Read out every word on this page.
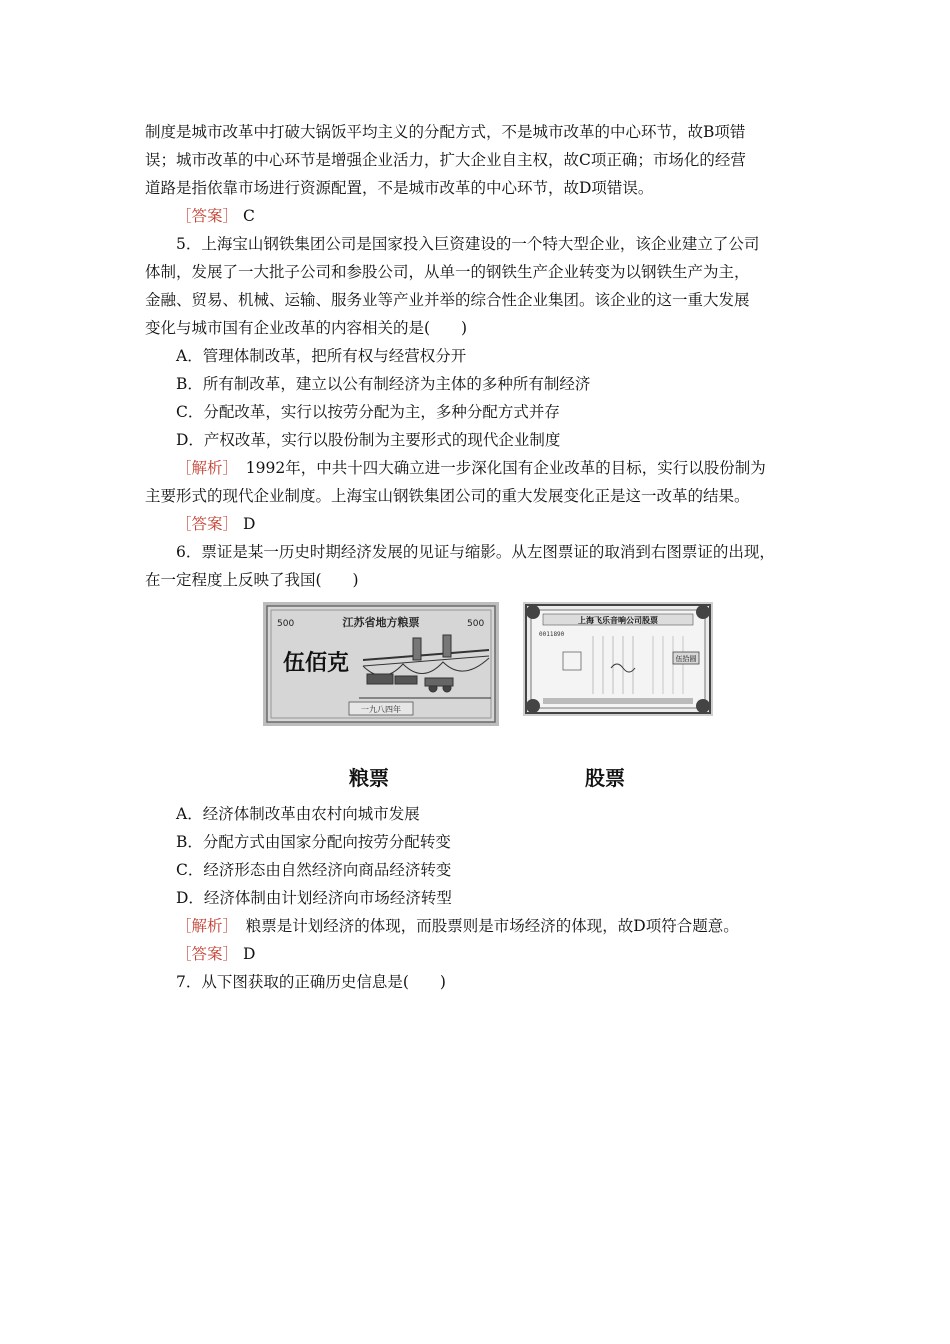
制度是城市改革中打破大锅饭平均主义的分配方式，不是城市改革的中心环节，故B项错

误；城市改革的中心环节是增强企业活力，扩大企业自主权，故C项正确；市场化的经营

道路是指依靠市场进行资源配置，不是城市改革的中心环节，故D项错误。

［答案］ C

5．上海宝山钢铁集团公司是国家投入巨资建设的一个特大型企业，该企业建立了公司

体制，发展了一大批子公司和参股公司，从单一的钢铁生产企业转变为以钢铁生产为主，

金融、贸易、机械、运输、服务业等产业并举的综合性企业集团。该企业的这一重大发展

变化与城市国有企业改革的内容相关的是(　　)

A．管理体制改革，把所有权与经营权分开

B．所有制改革，建立以公有制经济为主体的多种所有制经济

C．分配改革，实行以按劳分配为主，多种分配方式并存

D．产权改革，实行以股份制为主要形式的现代企业制度

［解析］　1992年，中共十四大确立进一步深化国有企业改革的目标，实行以股份制为

主要形式的现代企业制度。上海宝山钢铁集团公司的重大发展变化正是这一改革的结果。

［答案］ D

6．票证是某一历史时期经济发展的见证与缩影。从左图票证的取消到右图票证的出现，

在一定程度上反映了我国(　　)

江苏省地方粮票
500	500
伍佰克
一九八四年
上海飞乐音响公司股票
0011890
伍拾圆
粮票	股票

A．经济体制改革由农村向城市发展

B．分配方式由国家分配向按劳分配转变

C．经济形态由自然经济向商品经济转变

D．经济体制由计划经济向市场经济转型

［解析］　粮票是计划经济的体现，而股票则是市场经济的体现，故D项符合题意。

［答案］ D

7．从下图获取的正确历史信息是(　　)
